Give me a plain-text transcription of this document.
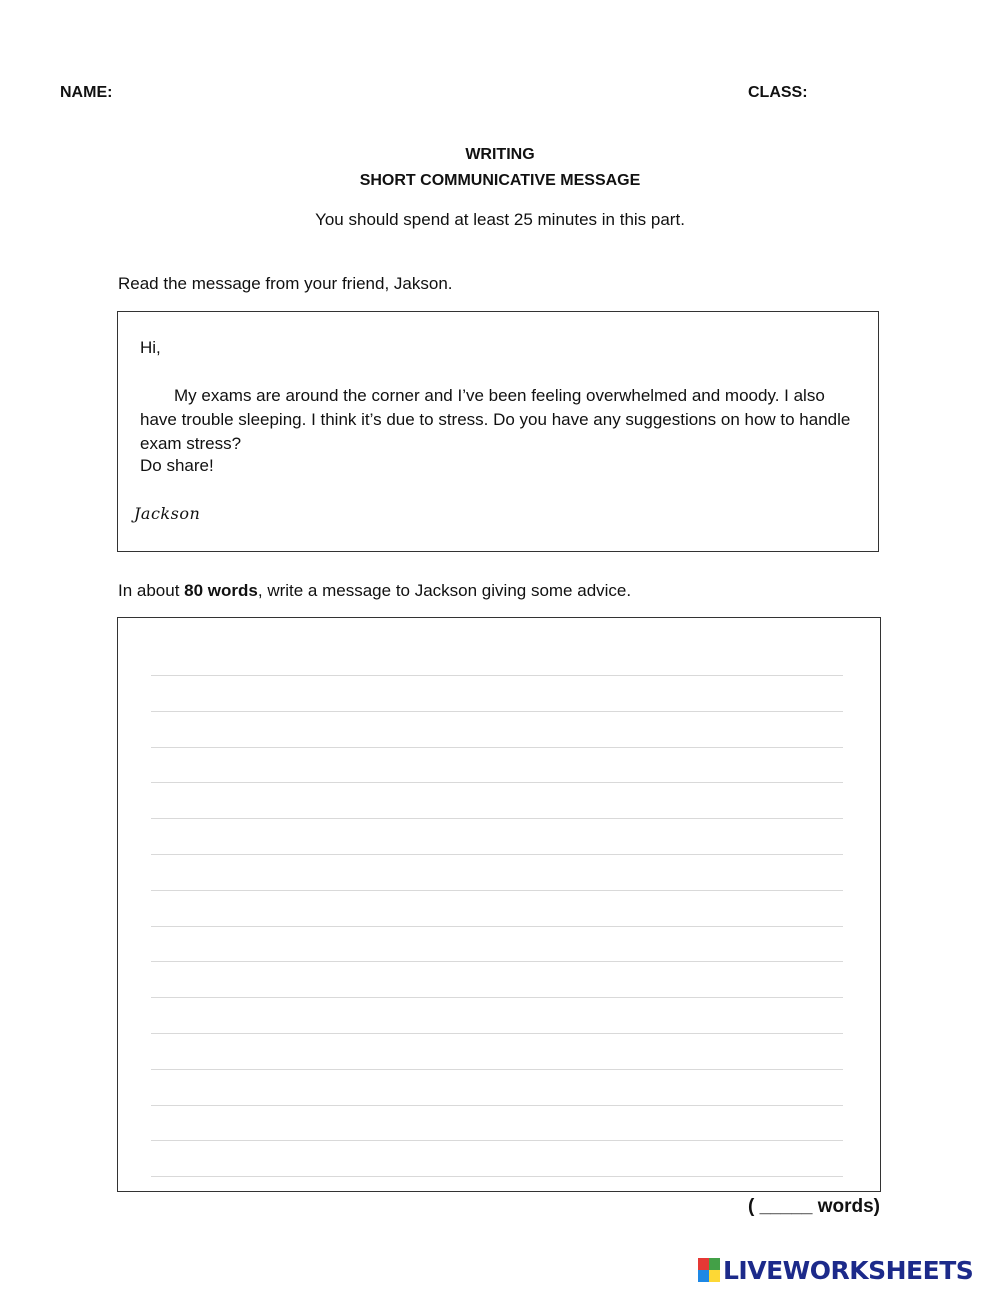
NAME:	CLASS:
WRITING
SHORT COMMUNICATIVE MESSAGE
You should spend at least 25 minutes in this part.
Read the message from your friend, Jakson.
Hi,

My exams are around the corner and I’ve been feeling overwhelmed and moody. I also have trouble sleeping. I think it’s due to stress. Do you have any suggestions on how to handle exam stress?

Do share!
Jackson
In about 80 words, write a message to Jackson giving some advice.
( _____ words)
LIVEWORKSHEETS
